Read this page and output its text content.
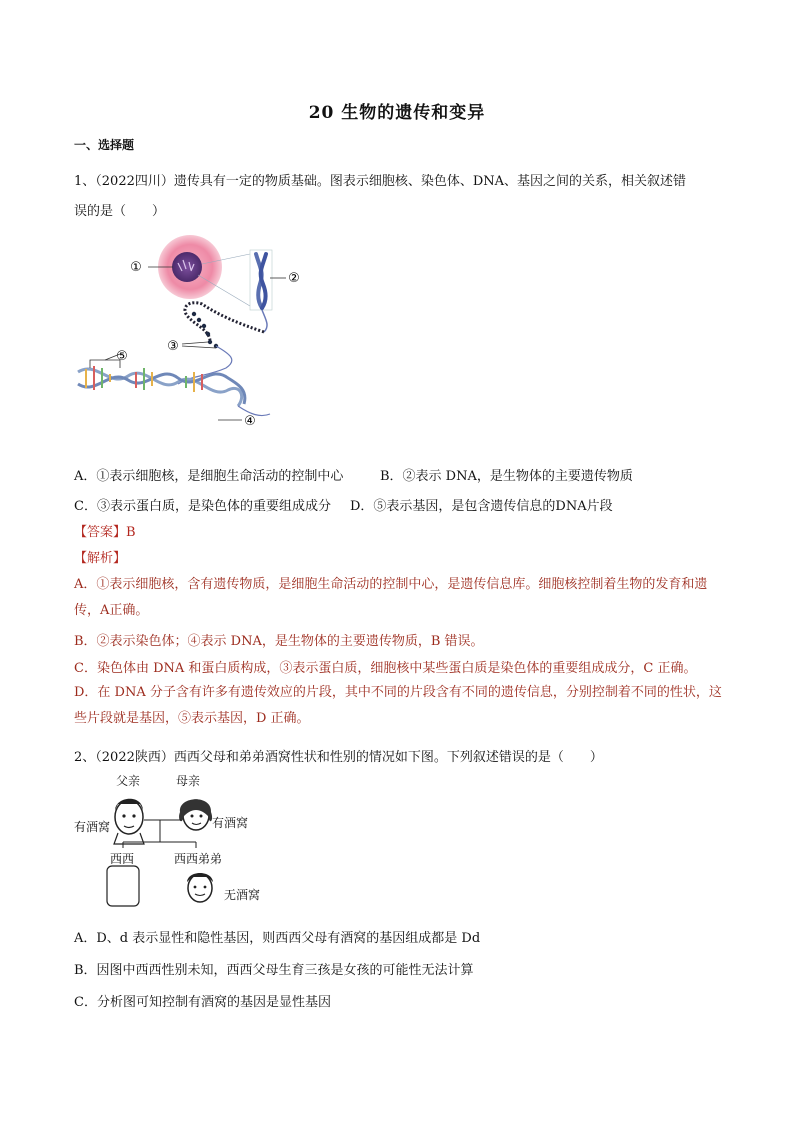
20 生物的遗传和变异
一、选择题
1、（2022四川）遗传具有一定的物质基础。图表示细胞核、染色体、DNA、基因之间的关系，相关叙述错
误的是（　　）
①
②
③
④
⑤
A．①表示细胞核，是细胞生命活动的控制中心	B．②表示 DNA，是生物体的主要遗传物质
C．③表示蛋白质，是染色体的重要组成成分 D．⑤表示基因，是包含遗传信息的DNA片段
【答案】B
【解析】
A．①表示细胞核，含有遗传物质，是细胞生命活动的控制中心，是遗传信息库。细胞核控制着生物的发育和遗传，A正确。
B．②表示染色体；④表示 DNA，是生物体的主要遗传物质，B 错误。
C．染色体由 DNA 和蛋白质构成，③表示蛋白质，细胞核中某些蛋白质是染色体的重要组成成分，C 正确。
D．在 DNA 分子含有许多有遗传效应的片段，其中不同的片段含有不同的遗传信息，分别控制着不同的性状，这些片段就是基因，⑤表示基因，D 正确。
2、（2022陕西）西西父母和弟弟酒窝性状和性别的情况如下图。下列叙述错误的是（　　）
父亲	母亲
有酒窝	有酒窝
西西	西西弟弟
无酒窝
A．D、d 表示显性和隐性基因，则西西父母有酒窝的基因组成都是 Dd
B．因图中西西性别未知，西西父母生育三孩是女孩的可能性无法计算
C．分析图可知控制有酒窝的基因是显性基因
